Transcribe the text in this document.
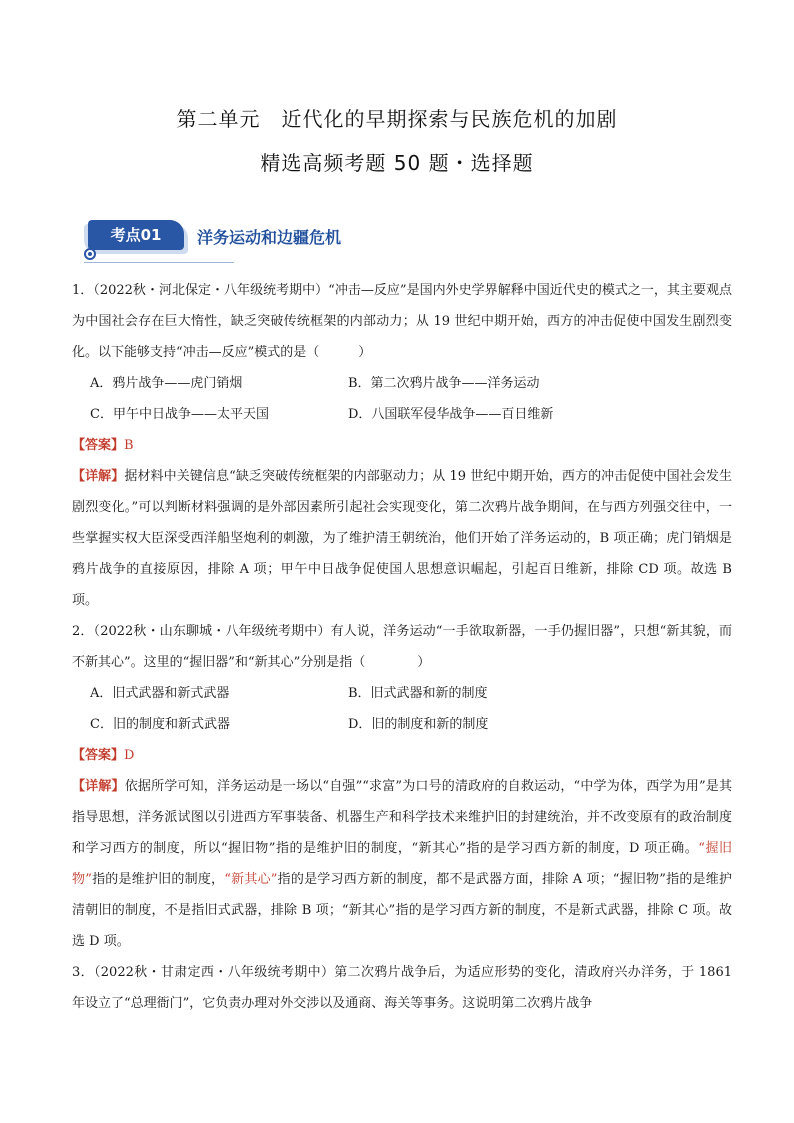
第二单元　近代化的早期探索与民族危机的加剧
精选高频考题 50 题・选择题
考点01	洋务运动和边疆危机

1．（2022秋・河北保定・八年级统考期中）“冲击—反应”是国内外史学界解释中国近代史的模式之一，其主要观点为中国社会存在巨大惰性，缺乏突破传统框架的内部动力；从 19 世纪中期开始，西方的冲击促使中国发生剧烈变化。以下能够支持“冲击—反应”模式的是（　　　）

A．鸦片战争——虎门销烟	B．第二次鸦片战争——洋务运动
C．甲午中日战争——太平天国	D．八国联军侵华战争——百日维新

【答案】B

【详解】据材料中关键信息“缺乏突破传统框架的内部驱动力；从 19 世纪中期开始，西方的冲击促使中国社会发生剧烈变化。”可以判断材料强调的是外部因素所引起社会实现变化，第二次鸦片战争期间，在与西方列强交往中，一些掌握实权大臣深受西洋船坚炮利的刺激，为了维护清王朝统治，他们开始了洋务运动的，B 项正确；虎门销烟是鸦片战争的直接原因，排除 A 项；甲午中日战争促使国人思想意识崛起，引起百日维新，排除 CD 项。故选 B 项。

2．（2022秋・山东聊城・八年级统考期中）有人说，洋务运动“一手欲取新器，一手仍握旧器”，只想“新其貌，而不新其心”。这里的“握旧器”和“新其心”分别是指（　　　　）

A．旧式武器和新式武器	B．旧式武器和新的制度
C．旧的制度和新式武器	D．旧的制度和新的制度

【答案】D

【详解】依据所学可知，洋务运动是一场以“自强”“求富”为口号的清政府的自救运动，“中学为体，西学为用”是其指导思想，洋务派试图以引进西方军事装备、机器生产和科学技术来维护旧的封建统治，并不改变原有的政治制度和学习西方的制度，所以“握旧物”指的是维护旧的制度，“新其心”指的是学习西方新的制度，D 项正确。“握旧物”指的是维护旧的制度，“新其心”指的是学习西方新的制度，都不是武器方面，排除 A 项；“握旧物”指的是维护清朝旧的制度，不是指旧式武器，排除 B 项；“新其心”指的是学习西方新的制度，不是新式武器，排除 C 项。故选 D 项。

3．（2022秋・甘肃定西・八年级统考期中）第二次鸦片战争后，为适应形势的变化，清政府兴办洋务，于 1861 年设立了“总理衙门”，它负责办理对外交涉以及通商、海关等事务。这说明第二次鸦片战争
